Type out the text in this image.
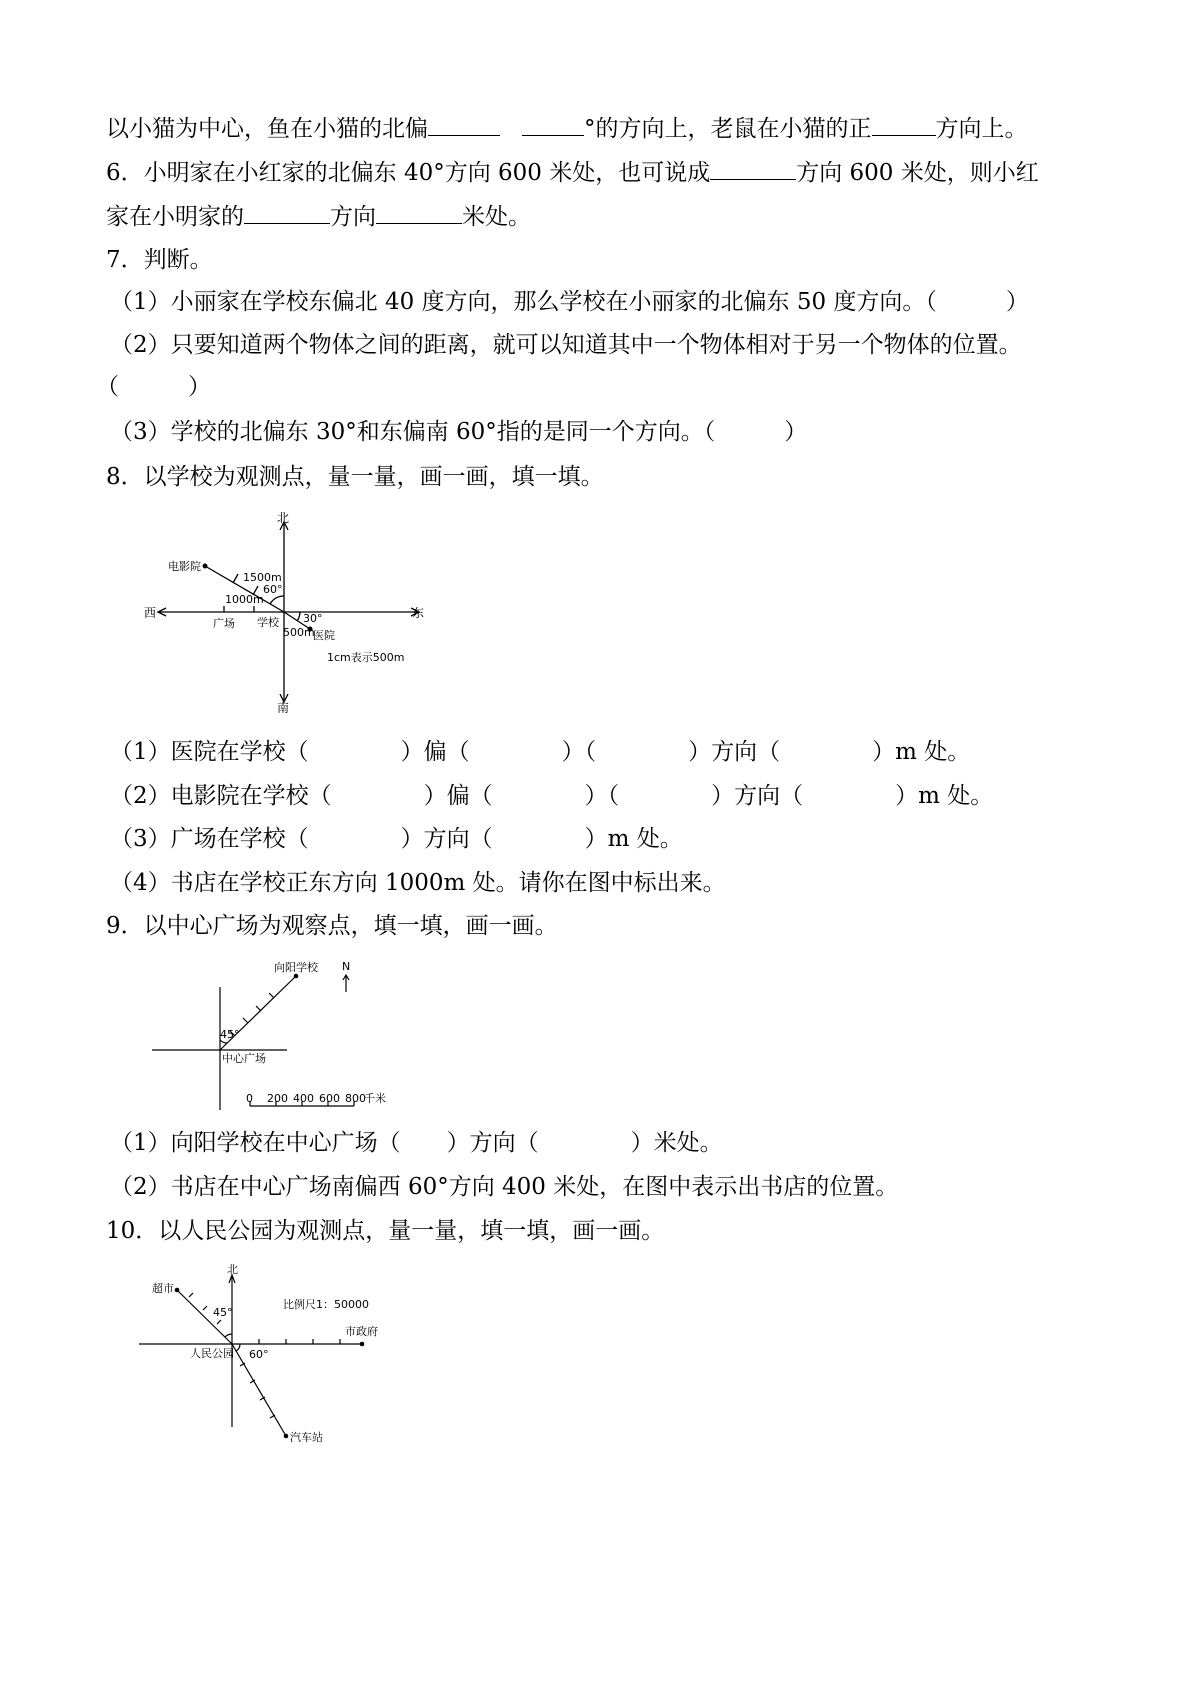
以小猫为中心，鱼在小猫的北偏	°的方向上，老鼠在小猫的正	方向上。
6．小明家在小红家的北偏东 40°方向 600 米处，也可说成	方向 600 米处，则小红
家在小明家的	方向	米处。
7．判断。
（1）小丽家在学校东偏北 40 度方向，那么学校在小丽家的北偏东 50 度方向。（　　　）
（2）只要知道两个物体之间的距离，就可以知道其中一个物体相对于另一个物体的位置。
（　　　）
（3）学校的北偏东 30°和东偏南 60°指的是同一个方向。（　　　）
8．以学校为观测点，量一量，画一画，填一填。
北
南
西	东
电影院
1500m
60°
1000m
30°
广场 学校
500m
医院
1cm表示500m
（1）医院在学校（　　　　）偏（　　　　）（　　　　）方向（　　　　）m 处。
（2）电影院在学校（　　　　）偏（　　　　）（　　　　）方向（　　　　）m 处。
（3）广场在学校（　　　　）方向（　　　　）m 处。
（4）书店在学校正东方向 1000m 处。请你在图中标出来。
9．以中心广场为观察点，填一填，画一画。
向阳学校 N
45°
中心广场
0 200 400 600 800
千米
（1）向阳学校在中心广场（　　）方向（　　　　）米处。
（2）书店在中心广场南偏西 60°方向 400 米处，在图中表示出书店的位置。
10．以人民公园为观测点，量一量，填一填，画一画。
北
超市
45°
比例尺1：50000
市政府
人民公园 60°
汽车站
